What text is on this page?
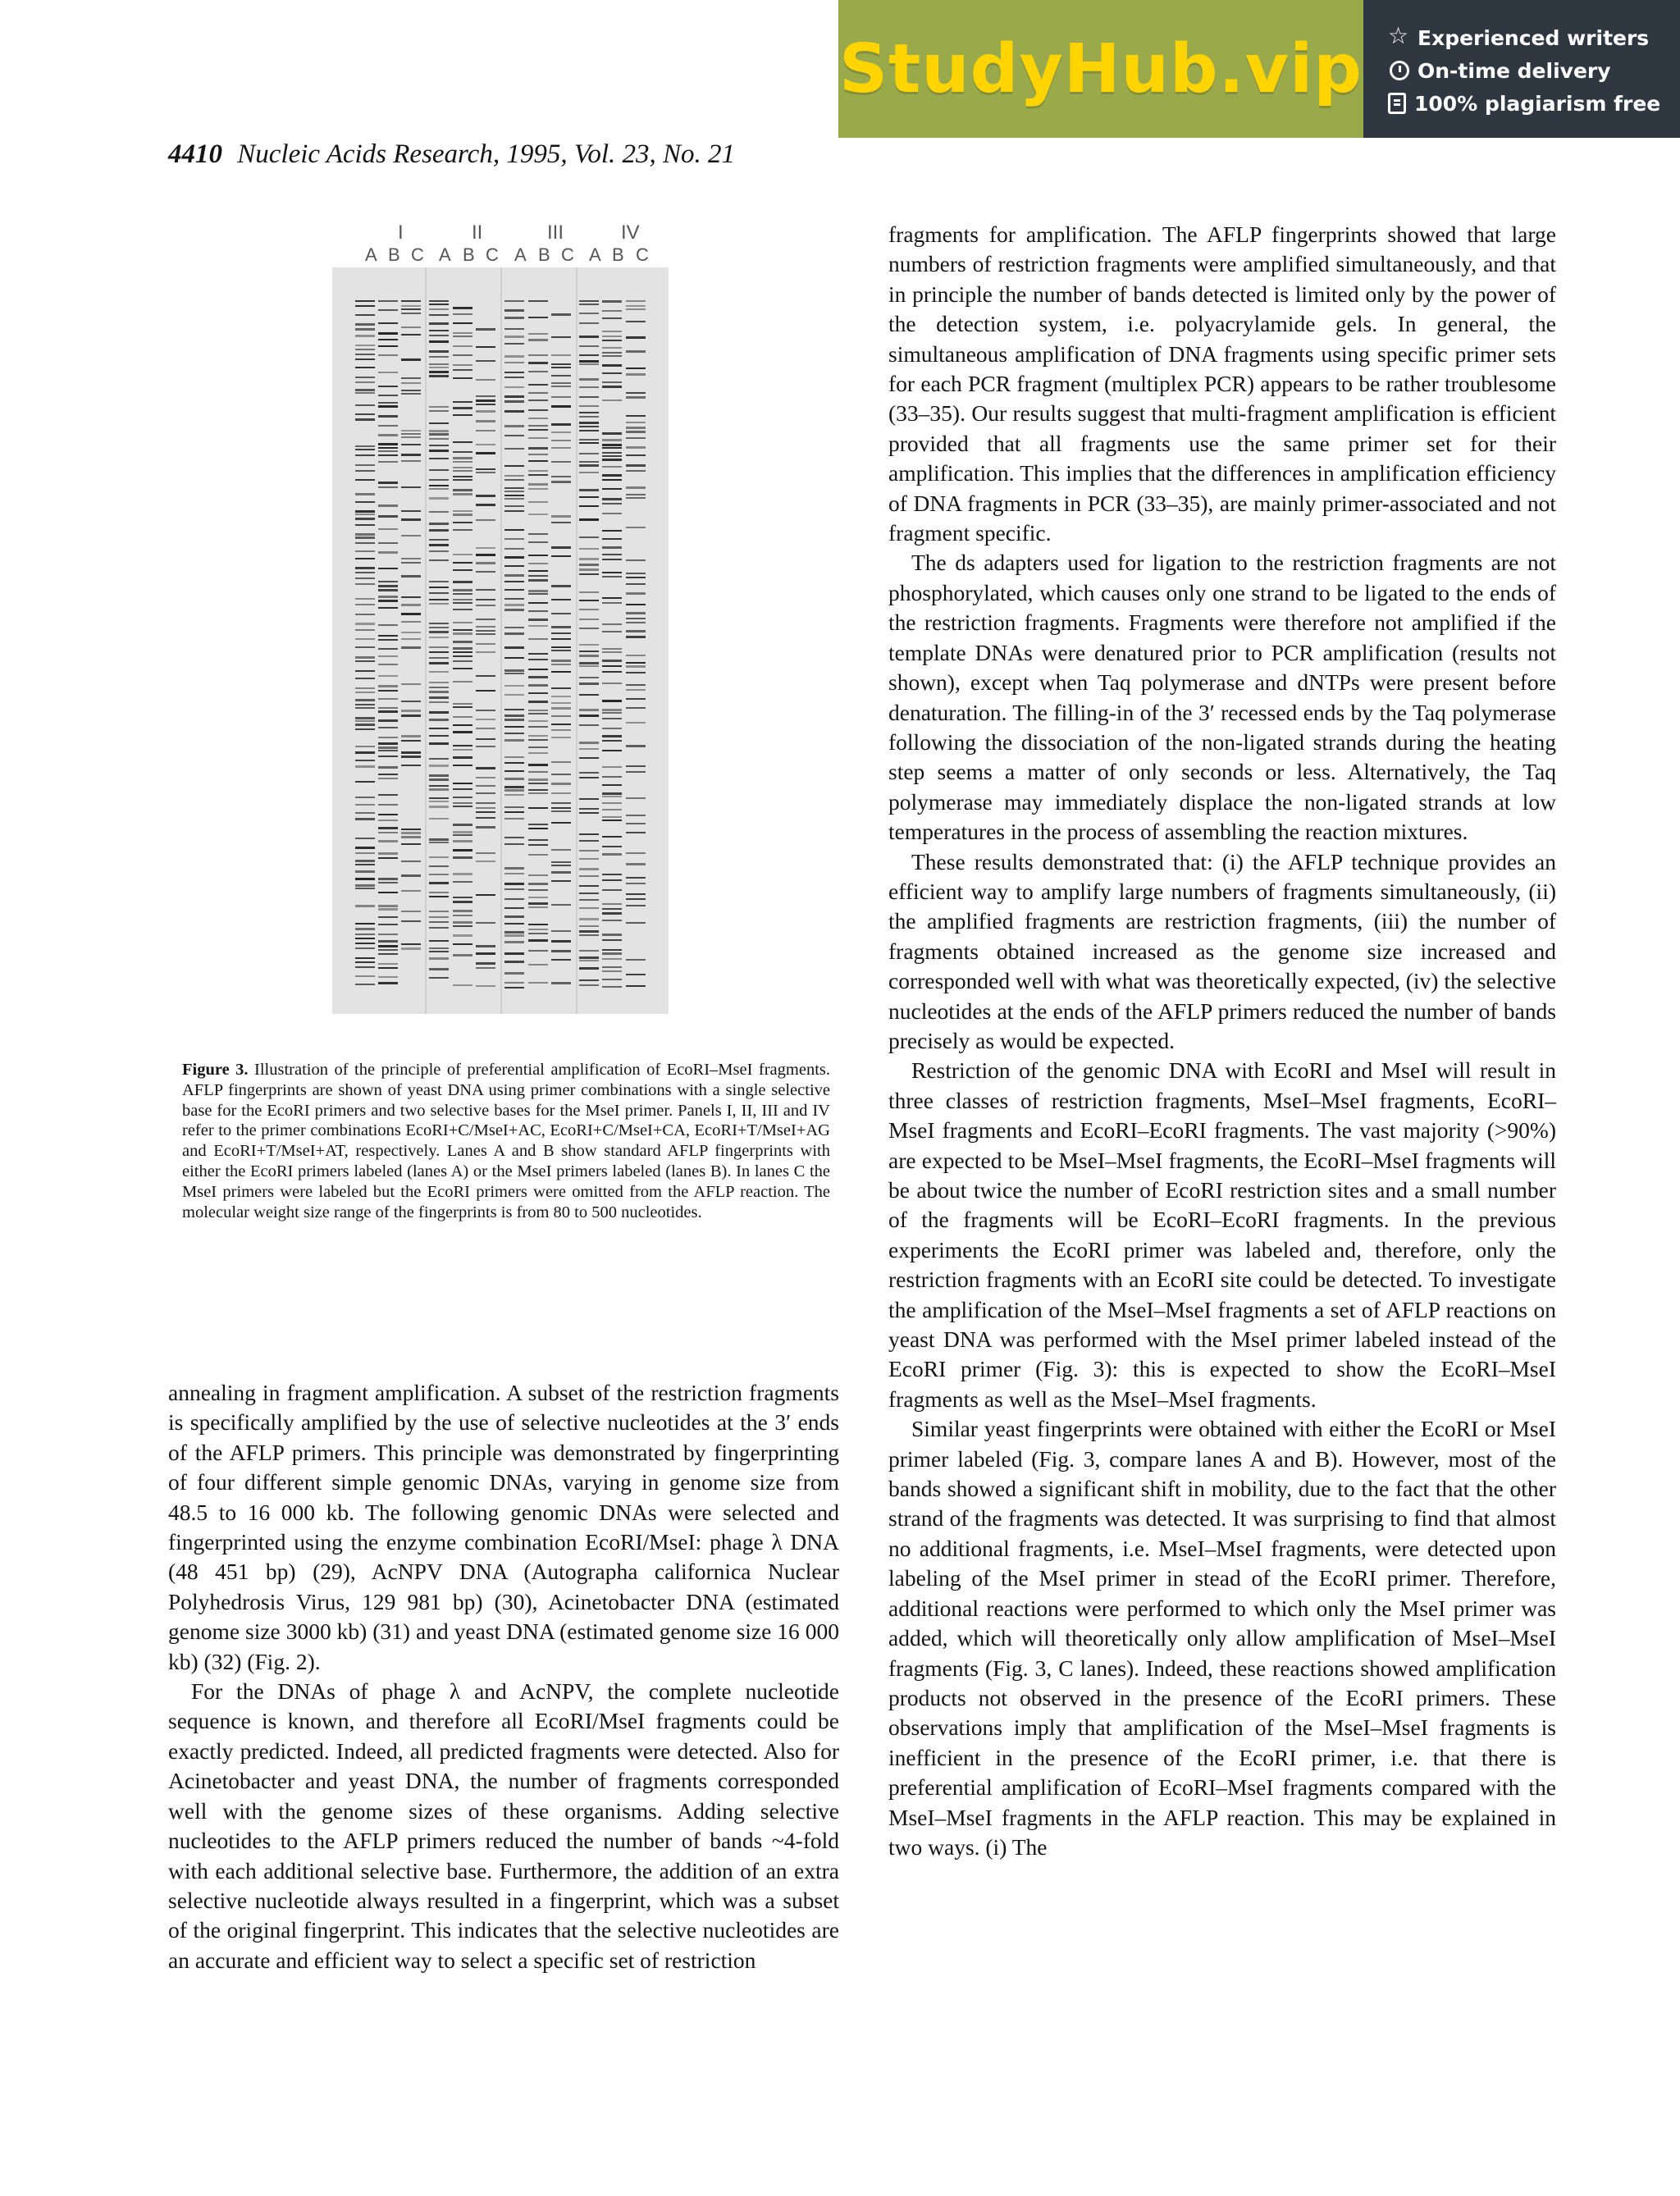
StudyHub.vip
☆	Experienced writers
On-time delivery
100% plagiarism free
4410 Nucleic Acids Research, 1995, Vol. 23, No. 21
I	II	III	IV
A B C A B C A B C A B C
Figure 3. Illustration of the principle of preferential amplification of EcoRI–MseI fragments. AFLP fingerprints are shown of yeast DNA using primer combinations with a single selective base for the EcoRI primers and two selective bases for the MseI primer. Panels I, II, III and IV refer to the primer combinations EcoRI+C/MseI+AC, EcoRI+C/MseI+CA, EcoRI+T/MseI+AG and EcoRI+T/MseI+AT, respectively. Lanes A and B show standard AFLP fingerprints with either the EcoRI primers labeled (lanes A) or the MseI primers labeled (lanes B). In lanes C the MseI primers were labeled but the EcoRI primers were omitted from the AFLP reaction. The molecular weight size range of the fingerprints is from 80 to 500 nucleotides.

annealing in fragment amplification. A subset of the restriction fragments is specifically amplified by the use of selective nucleotides at the 3′ ends of the AFLP primers. This principle was demonstrated by fingerprinting of four different simple genomic DNAs, varying in genome size from 48.5 to 16 000 kb. The following genomic DNAs were selected and fingerprinted using the enzyme combination EcoRI/MseI: phage λ DNA (48 451 bp) (29), AcNPV DNA (Autographa californica Nuclear Polyhedrosis Virus, 129 981 bp) (30), Acinetobacter DNA (estimated genome size 3000 kb) (31) and yeast DNA (estimated genome size 16 000 kb) (32) (Fig. 2).

For the DNAs of phage λ and AcNPV, the complete nucleotide sequence is known, and therefore all EcoRI/MseI fragments could be exactly predicted. Indeed, all predicted fragments were detected. Also for Acinetobacter and yeast DNA, the number of fragments corresponded well with the genome sizes of these organisms. Adding selective nucleotides to the AFLP primers reduced the number of bands ~4-fold with each additional selective base. Furthermore, the addition of an extra selective nucleotide always resulted in a fingerprint, which was a subset of the original fingerprint. This indicates that the selective nucleotides are an accurate and efficient way to select a specific set of restriction

fragments for amplification. The AFLP fingerprints showed that large numbers of restriction fragments were amplified simultaneously, and that in principle the number of bands detected is limited only by the power of the detection system, i.e. polyacrylamide gels. In general, the simultaneous amplification of DNA fragments using specific primer sets for each PCR fragment (multiplex PCR) appears to be rather troublesome (33–35). Our results suggest that multi-fragment amplification is efficient provided that all fragments use the same primer set for their amplification. This implies that the differences in amplification efficiency of DNA fragments in PCR (33–35), are mainly primer-associated and not fragment specific.

The ds adapters used for ligation to the restriction fragments are not phosphorylated, which causes only one strand to be ligated to the ends of the restriction fragments. Fragments were therefore not amplified if the template DNAs were denatured prior to PCR amplification (results not shown), except when Taq polymerase and dNTPs were present before denaturation. The filling-in of the 3′ recessed ends by the Taq polymerase following the dissociation of the non-ligated strands during the heating step seems a matter of only seconds or less. Alternatively, the Taq polymerase may immediately displace the non-ligated strands at low temperatures in the process of assembling the reaction mixtures.

These results demonstrated that: (i) the AFLP technique provides an efficient way to amplify large numbers of fragments simultaneously, (ii) the amplified fragments are restriction fragments, (iii) the number of fragments obtained increased as the genome size increased and corresponded well with what was theoretically expected, (iv) the selective nucleotides at the ends of the AFLP primers reduced the number of bands precisely as would be expected.

Restriction of the genomic DNA with EcoRI and MseI will result in three classes of restriction fragments, MseI–MseI fragments, EcoRI–MseI fragments and EcoRI–EcoRI fragments. The vast majority (>90%) are expected to be MseI–MseI fragments, the EcoRI–MseI fragments will be about twice the number of EcoRI restriction sites and a small number of the fragments will be EcoRI–EcoRI fragments. In the previous experiments the EcoRI primer was labeled and, therefore, only the restriction fragments with an EcoRI site could be detected. To investigate the amplification of the MseI–MseI fragments a set of AFLP reactions on yeast DNA was performed with the MseI primer labeled instead of the EcoRI primer (Fig. 3): this is expected to show the EcoRI–MseI fragments as well as the MseI–MseI fragments.

Similar yeast fingerprints were obtained with either the EcoRI or MseI primer labeled (Fig. 3, compare lanes A and B). However, most of the bands showed a significant shift in mobility, due to the fact that the other strand of the fragments was detected. It was surprising to find that almost no additional fragments, i.e. MseI–MseI fragments, were detected upon labeling of the MseI primer in stead of the EcoRI primer. Therefore, additional reactions were performed to which only the MseI primer was added, which will theoretically only allow amplification of MseI–MseI fragments (Fig. 3, C lanes). Indeed, these reactions showed amplification products not observed in the presence of the EcoRI primers. These observations imply that amplification of the MseI–MseI fragments is inefficient in the presence of the EcoRI primer, i.e. that there is preferential amplification of EcoRI–MseI fragments compared with the MseI–MseI fragments in the AFLP reaction. This may be explained in two ways. (i) The
